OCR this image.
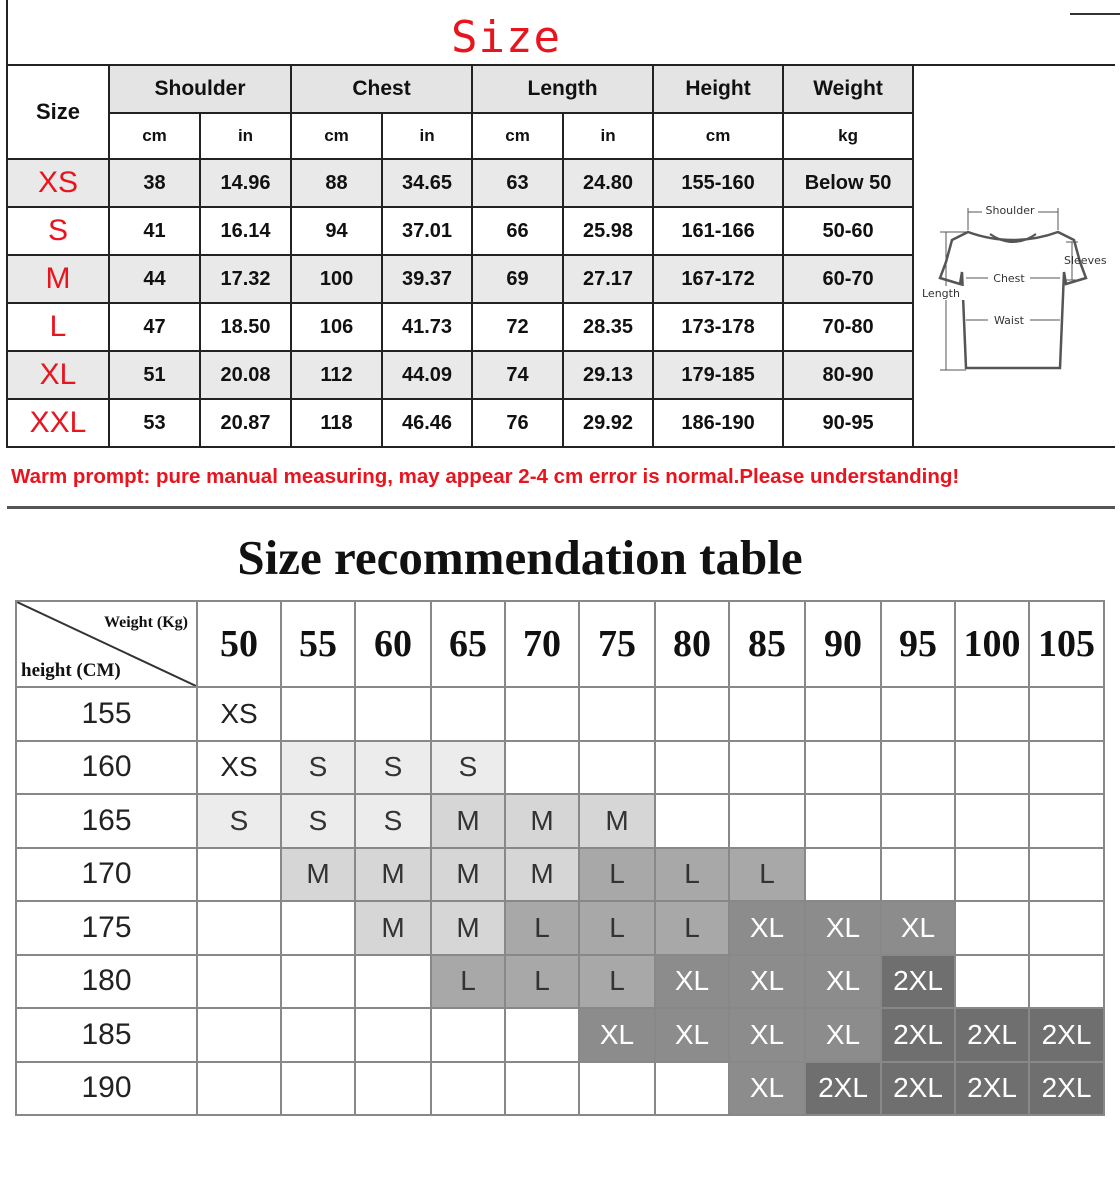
Size
Size	Shoulder		Chest		Length		Height	Weight	
	cm	in	cm	in	cm	in	cm	kg	
XS	38	14.96	88	34.65	63	24.80	155-160	Below 50	
S	41	16.14	94	37.01	66	25.98	161-166	50-60	
M	44	17.32	100	39.37	69	27.17	167-172	60-70	
L	47	18.50	106	41.73	72	28.35	173-178	70-80	
XL	51	20.08	112	44.09	74	29.13	179-185	80-90	
XXL	53	20.87	118	46.46	76	29.92	186-190	90-95	
Warm prompt: pure manual measuring, may appear 2-4 cm error is normal.Please understanding!									
Shoulder
Sleeves
Chest
Waist
Length
Size recommendation table
Weight (Kg)
height (CM)	50	55	60	65	70	75	80	85	90	95	100	105
155	XS											
160	XS	S	S	S								
165	S	S	S	M	M	M						
170		M	M	M	M	L	L	L				
175			M	M	L	L	L	XL	XL	XL		
180				L	L	L	XL	XL	XL	2XL		
185						XL	XL	XL	XL	2XL	2XL	2XL
190								XL	2XL	2XL	2XL	2XL
